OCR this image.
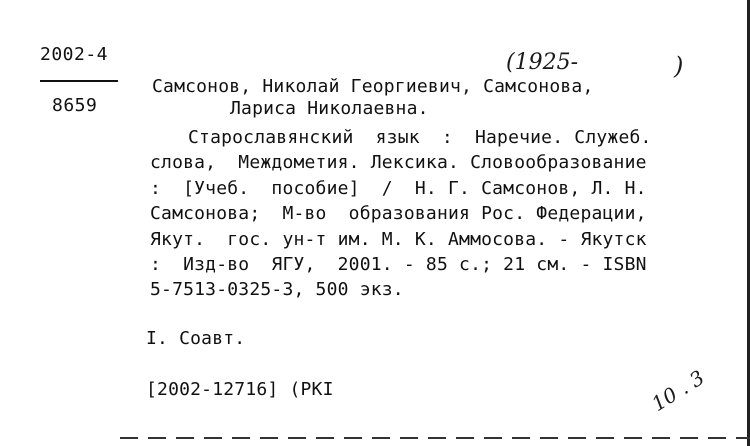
2002-4
8659
(1925-	)
Самсонов, Николай Георгиевич, Самсонова,
Лариса Николаевна.
Старославянский  язык  :  Наречие. Служеб.
слова,  Междометия. Лексика. Словообразование
:  [Учеб.  пособие]  /  Н. Г. Самсонов, Л. Н.
Самсонова;  М-во  образования Рос. Федерации,
Якут.  гос. ун-т им. М. К. Аммосова. - Якутск
:  Изд-во  ЯГУ,  2001. - 85 с.; 21 см. - ISBN
5-7513-0325-3, 500 экз.
I. Соавт.
[2002-12716] (PKI	10 . 3
